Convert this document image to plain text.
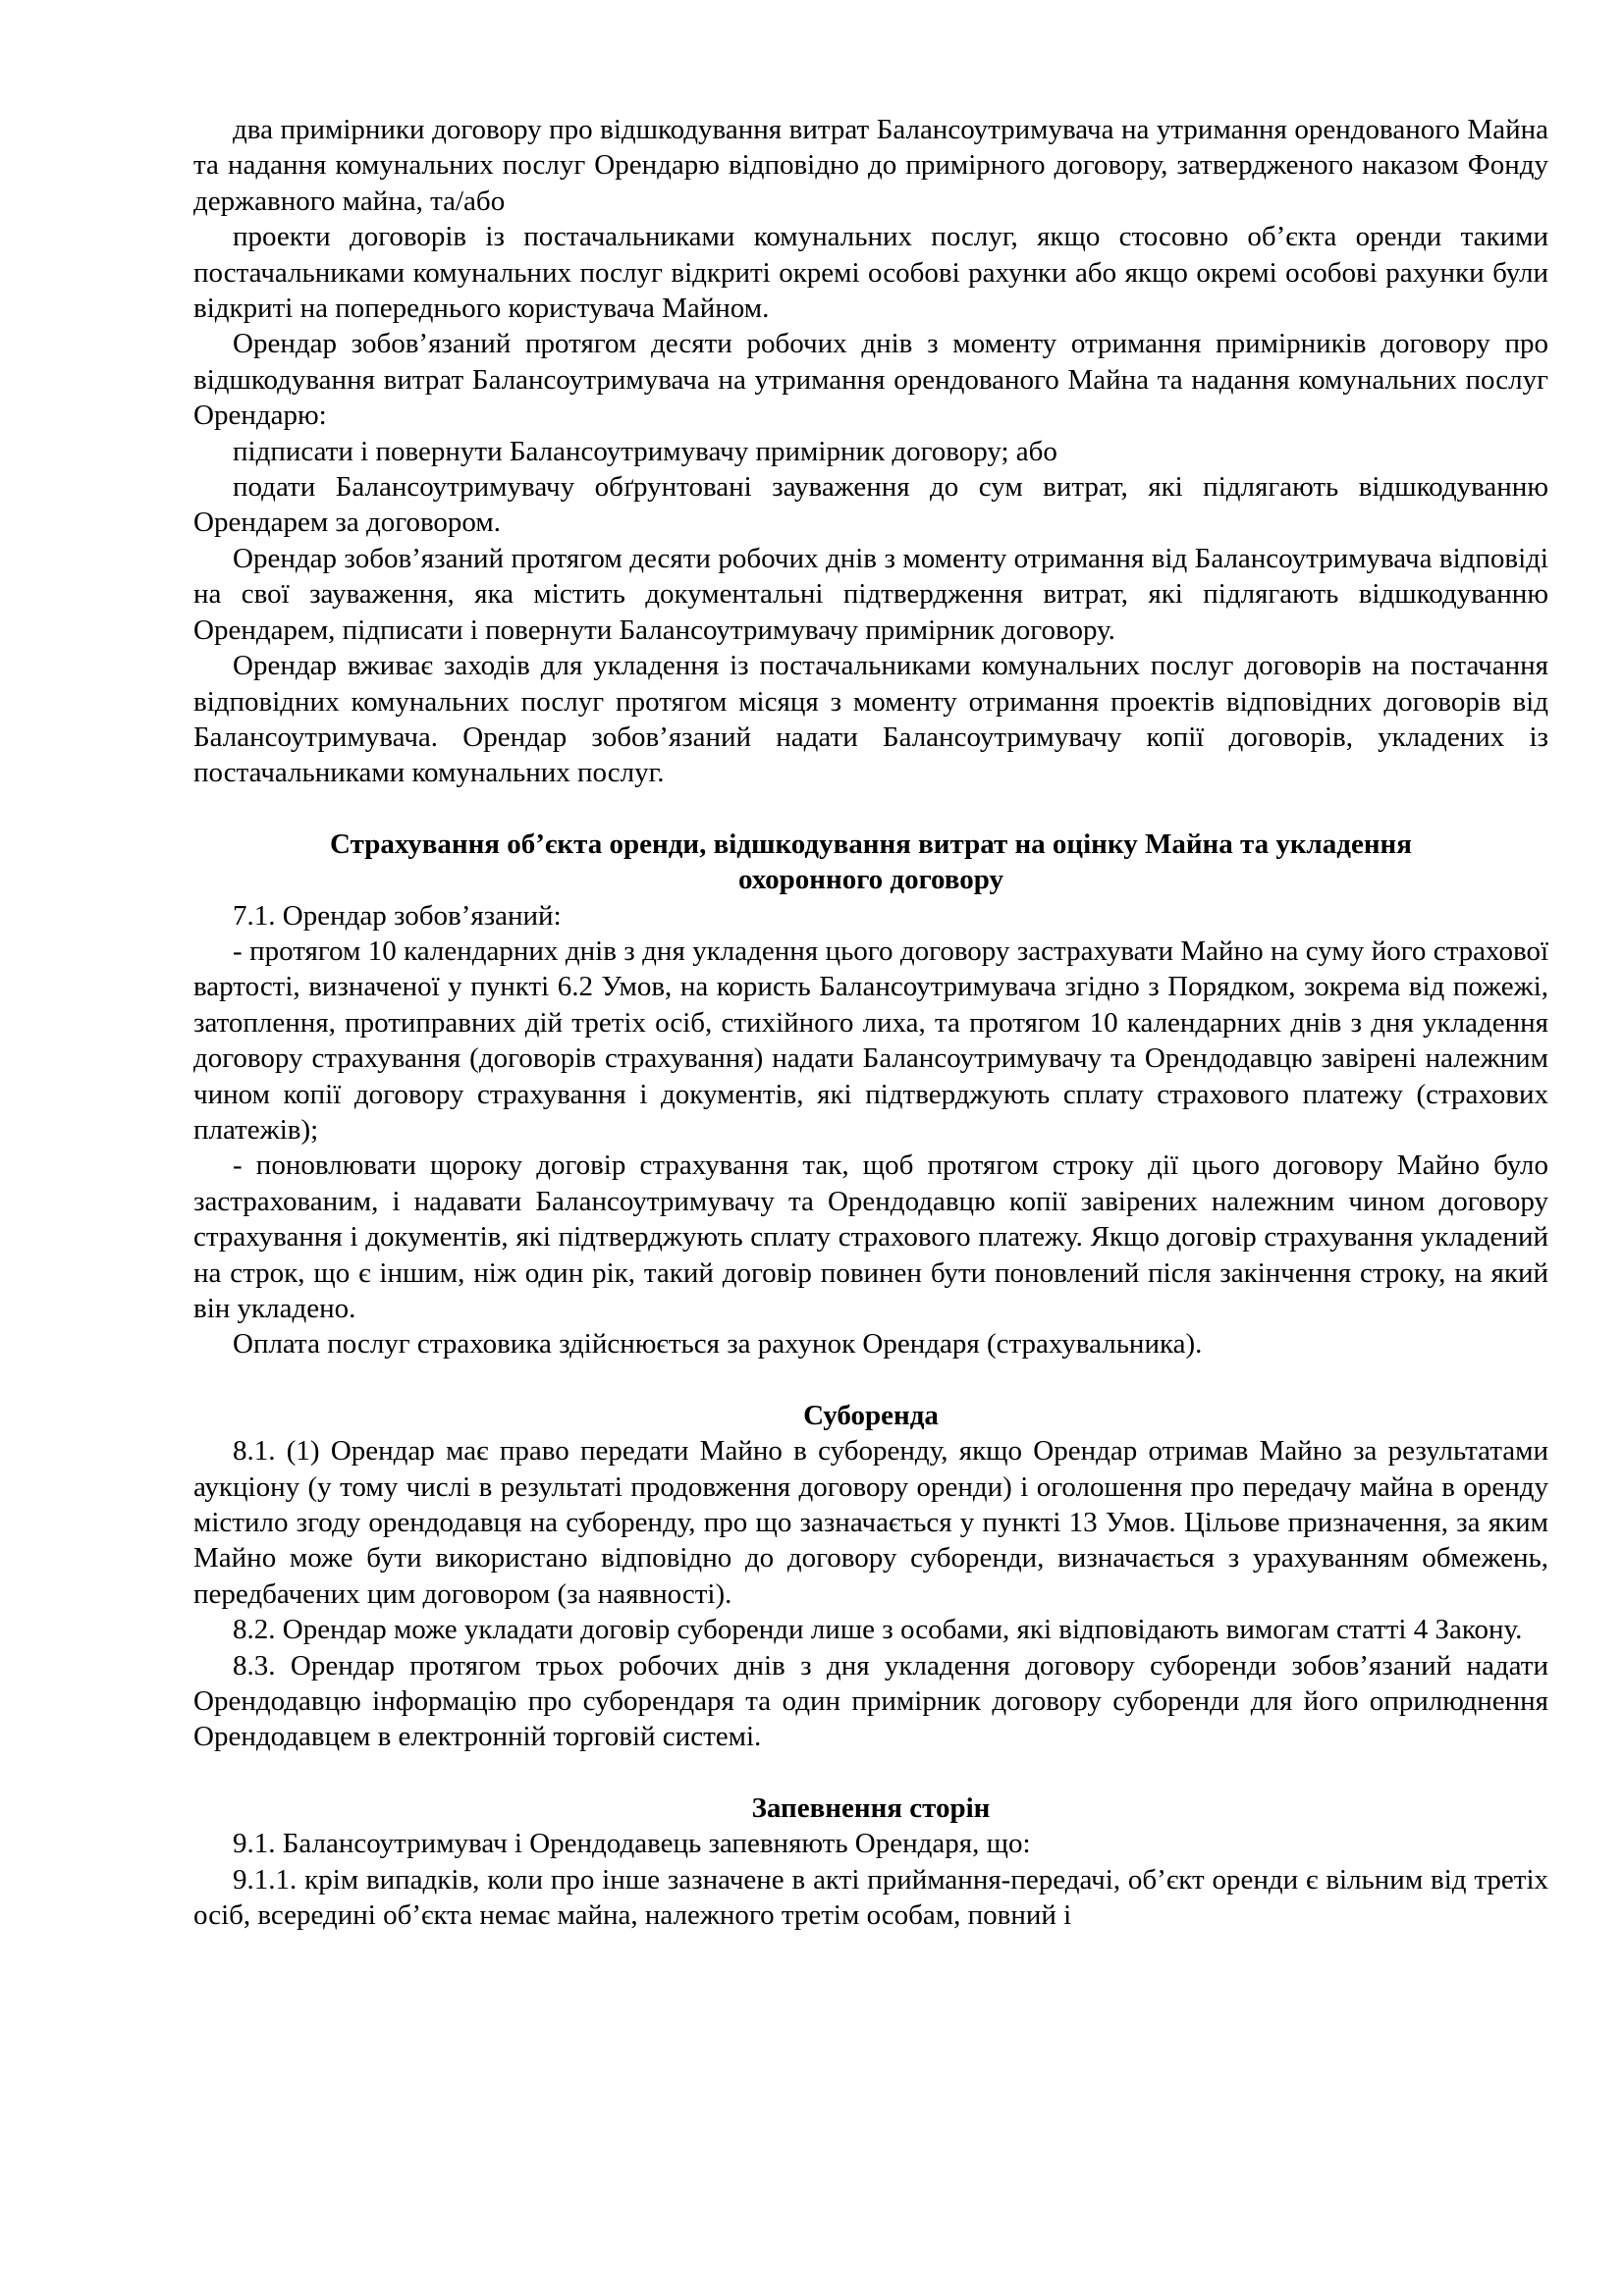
два примірники договору про відшкодування витрат Балансоутримувача на утримання орендованого Майна та надання комунальних послуг Орендарю відповідно до примірного договору, затвердженого наказом Фонду державного майна, та/або

проекти договорів із постачальниками комунальних послуг, якщо стосовно об’єкта оренди такими постачальниками комунальних послуг відкриті окремі особові рахунки або якщо окремі особові рахунки були відкриті на попереднього користувача Майном.

Орендар зобов’язаний протягом десяти робочих днів з моменту отримання примірників договору про відшкодування витрат Балансоутримувача на утримання орендованого Майна та надання комунальних послуг Орендарю:

підписати і повернути Балансоутримувачу примірник договору; або

подати Балансоутримувачу обґрунтовані зауваження до сум витрат, які підлягають відшкодуванню Орендарем за договором.

Орендар зобов’язаний протягом десяти робочих днів з моменту отримання від Балансоутримувача відповіді на свої зауваження, яка містить документальні підтвердження витрат, які підлягають відшкодуванню Орендарем, підписати і повернути Балансоутримувачу примірник договору.

Орендар вживає заходів для укладення із постачальниками комунальних послуг договорів на постачання відповідних комунальних послуг протягом місяця з моменту отримання проектів відповідних договорів від Балансоутримувача. Орендар зобов’язаний надати Балансоутримувачу копії договорів, укладених із постачальниками комунальних послуг.

Страхування об’єкта оренди, відшкодування витрат на оцінку Майна та укладення охоронного договору

7.1. Орендар зобов’язаний:

- протягом 10 календарних днів з дня укладення цього договору застрахувати Майно на суму його страхової вартості, визначеної у пункті 6.2 Умов, на користь Балансоутримувача згідно з Порядком, зокрема від пожежі, затоплення, протиправних дій третіх осіб, стихійного лиха, та протягом 10 календарних днів з дня укладення договору страхування (договорів страхування) надати Балансоутримувачу та Орендодавцю завірені належним чином копії договору страхування і документів, які підтверджують сплату страхового платежу (страхових платежів);

- поновлювати щороку договір страхування так, щоб протягом строку дії цього договору Майно було застрахованим, і надавати Балансоутримувачу та Орендодавцю копії завірених належним чином договору страхування і документів, які підтверджують сплату страхового платежу. Якщо договір страхування укладений на строк, що є іншим, ніж один рік, такий договір повинен бути поновлений після закінчення строку, на який він укладено.

Оплата послуг страховика здійснюється за рахунок Орендаря (страхувальника).

Суборенда

8.1. (1) Орендар має право передати Майно в суборенду, якщо Орендар отримав Майно за результатами аукціону (у тому числі в результаті продовження договору оренди) і оголошення про передачу майна в оренду містило згоду орендодавця на суборенду, про що зазначається у пункті 13 Умов. Цільове призначення, за яким Майно може бути використано відповідно до договору суборенди, визначається з урахуванням обмежень, передбачених цим договором (за наявності).

8.2. Орендар може укладати договір суборенди лише з особами, які відповідають вимогам статті 4 Закону.

8.3. Орендар протягом трьох робочих днів з дня укладення договору суборенди зобов’язаний надати Орендодавцю інформацію про суборендаря та один примірник договору суборенди для його оприлюднення Орендодавцем в електронній торговій системі.

Запевнення сторін

9.1. Балансоутримувач і Орендодавець запевняють Орендаря, що:

9.1.1. крім випадків, коли про інше зазначене в акті приймання-передачі, об’єкт оренди є вільним від третіх осіб, всередині об’єкта немає майна, належного третім особам, повний і
